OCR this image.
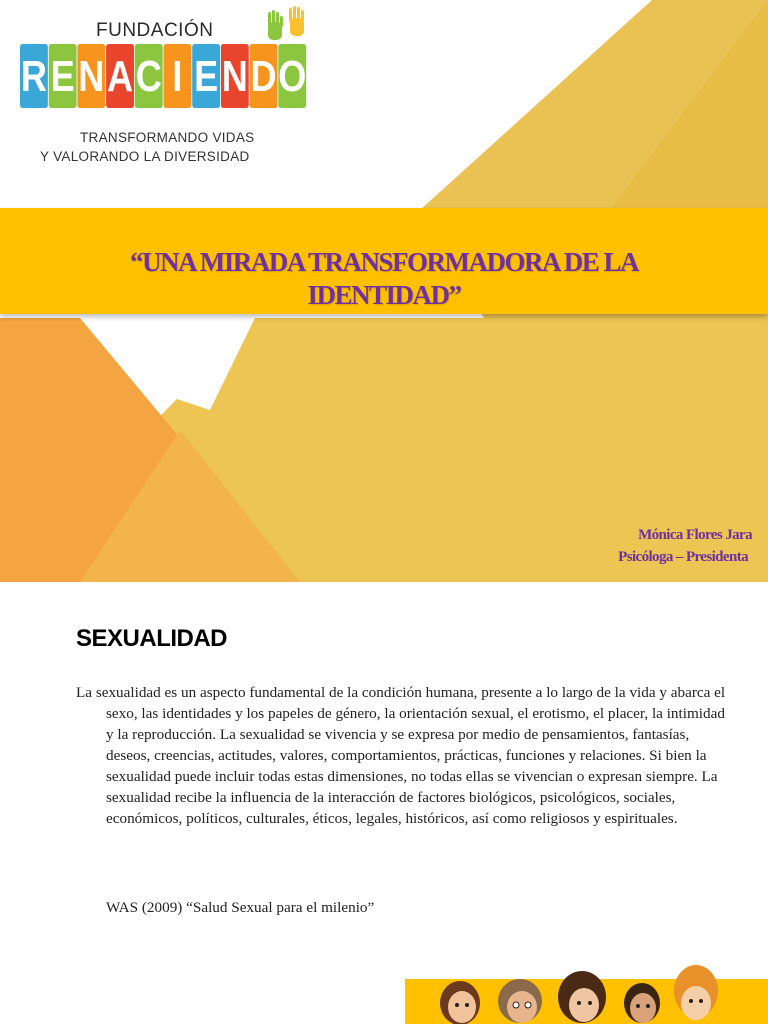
FUNDACIÓN
R E N A C I E N D O
TRANSFORMANDO VIDAS
Y VALORANDO LA DIVERSIDAD
“UNA MIRADA TRANSFORMADORA DE LA IDENTIDAD”
Mónica Flores Jara
Psicóloga – Presidenta
SEXUALIDAD
La sexualidad es un aspecto fundamental de la condición humana, presente a lo largo de la vida y abarca el sexo, las identidades y los papeles de género, la orientación sexual, el erotismo, el placer, la intimidad y la reproducción. La sexualidad se vivencia y se expresa por medio de pensamientos, fantasías, deseos, creencias, actitudes, valores, comportamientos, prácticas, funciones y relaciones. Si bien la sexualidad puede incluir todas estas dimensiones, no todas ellas se vivencian o expresan siempre. La sexualidad recibe la influencia de la interacción de factores biológicos, psicológicos, sociales, económicos, políticos, culturales, éticos, legales, históricos, así como religiosos y espirituales.
WAS (2009) “Salud Sexual para el milenio”
